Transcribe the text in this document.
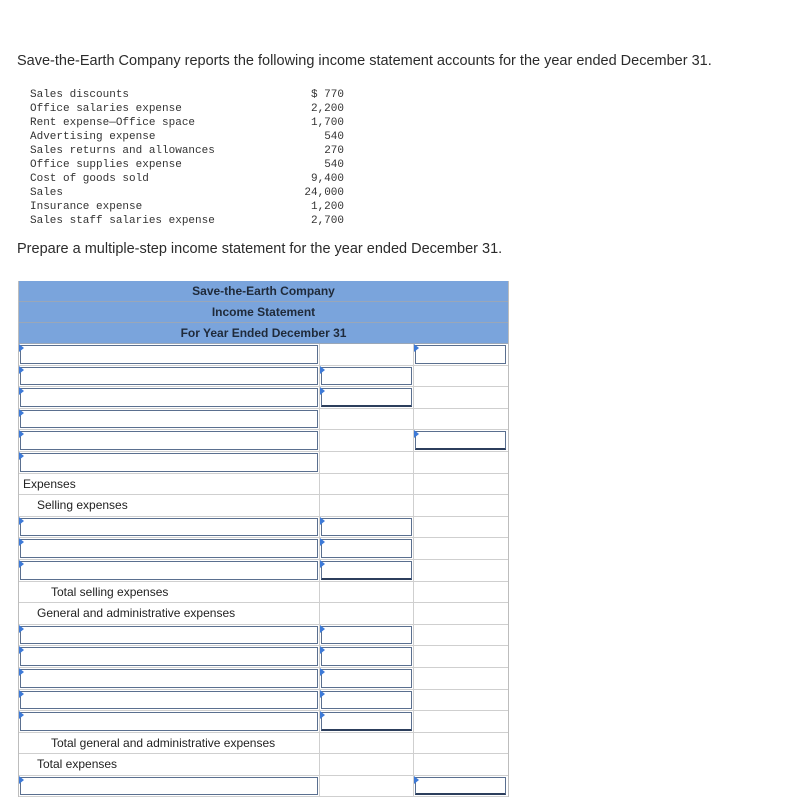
Save-the-Earth Company reports the following income statement accounts for the year ended December 31.
Sales discounts	$ 770
Office salaries expense	2,200
Rent expense—Office space	1,700
Advertising expense	540
Sales returns and allowances	270
Office supplies expense	540
Cost of goods sold	9,400
Sales	24,000
Insurance expense	1,200
Sales staff salaries expense	2,700
Prepare a multiple-step income statement for the year ended December 31.
Save-the-Earth Company
Income Statement
For Year Ended December 31
Expenses
Selling expenses
Total selling expenses
General and administrative expenses
Total general and administrative expenses
Total expenses
